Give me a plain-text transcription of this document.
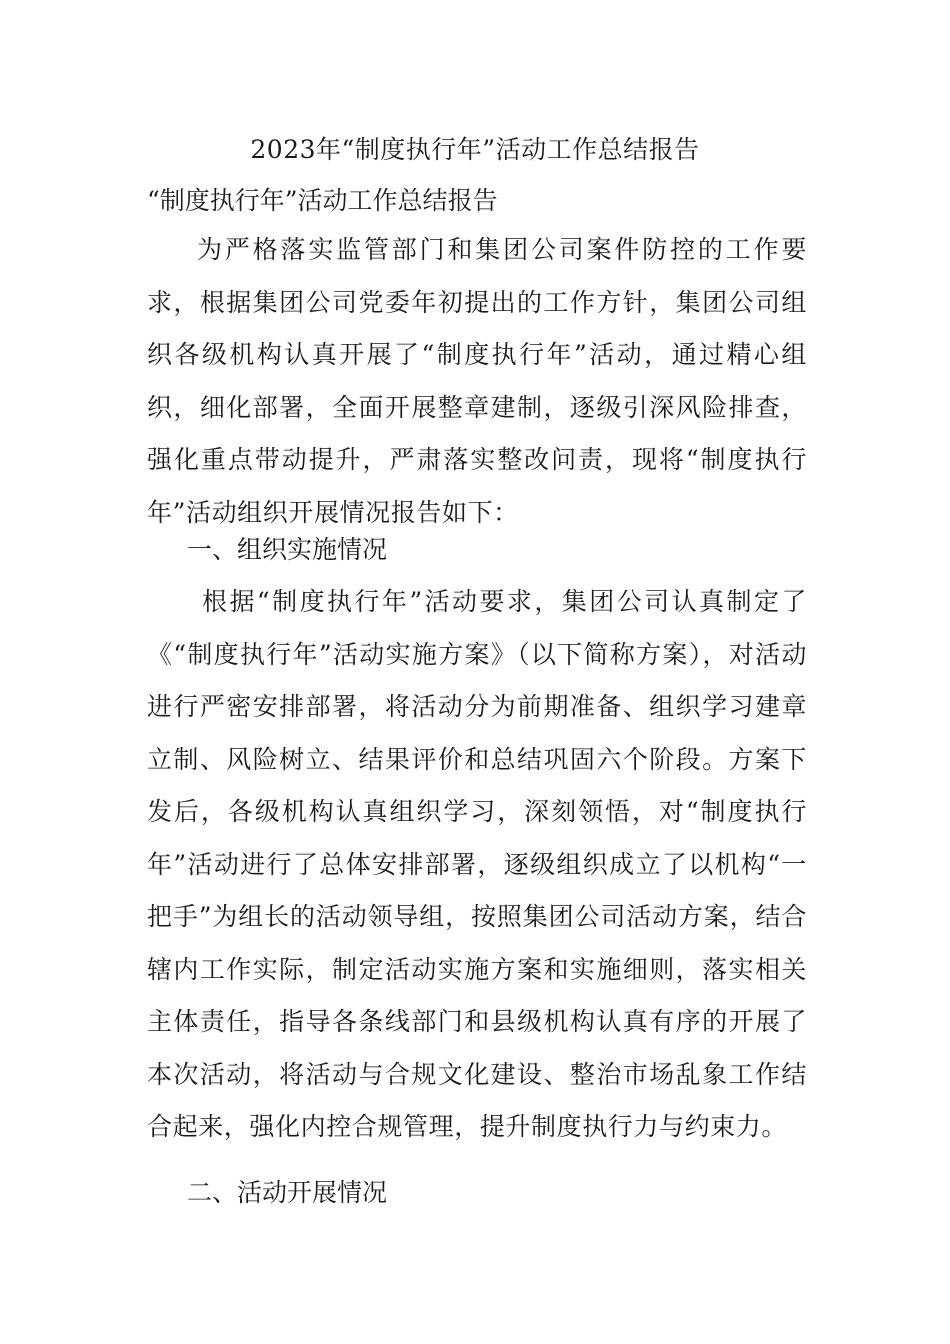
2023年“制度执行年”活动工作总结报告
“制度执行年”活动工作总结报告
为严格落实监管部门和集团公司案件防控的工作要求，根据集团公司党委年初提出的工作方针，集团公司组织各级机构认真开展了“制度执行年”活动，通过精心组织，细化部署，全面开展整章建制，逐级引深风险排查，强化重点带动提升，严肃落实整改问责，现将“制度执行年”活动组织开展情况报告如下：
一、组织实施情况
根据“制度执行年”活动要求，集团公司认真制定了《“制度执行年”活动实施方案》（以下简称方案），对活动进行严密安排部署，将活动分为前期准备、组织学习建章立制、风险树立、结果评价和总结巩固六个阶段。方案下发后，各级机构认真组织学习，深刻领悟，对“制度执行年”活动进行了总体安排部署，逐级组织成立了以机构“一把手”为组长的活动领导组，按照集团公司活动方案，结合辖内工作实际，制定活动实施方案和实施细则，落实相关主体责任，指导各条线部门和县级机构认真有序的开展了本次活动，将活动与合规文化建设、整治市场乱象工作结合起来，强化内控合规管理，提升制度执行力与约束力。
二、活动开展情况
